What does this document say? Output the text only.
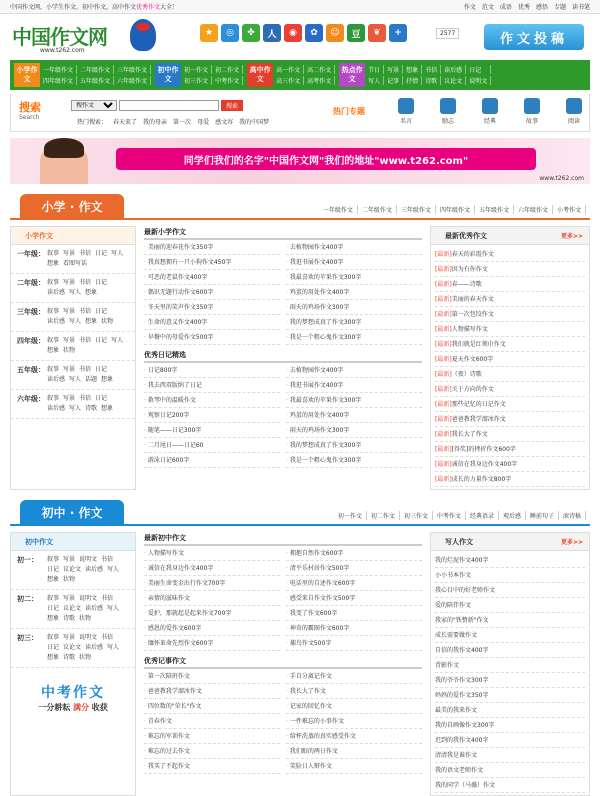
中国作文网，小学生作文，初中作文，高中作文优秀作文大全！	作文 范文 成语 优秀 感悟 专题 读书笔
中国作文网
www.t262.com
★	◎	✤	人	◉	✿	☺	豆	❦	+	2577	作文投稿
小学作文
一年级作文	二年级作文	三年级作文
四年级作文	五年级作文	六年级作文
初中作文
初一作文	初二作文
初三作文	中考作文
高中作文
高一作文	高二作文
高三作文	高考作文
热点作文
节日	写景	想象	书信	读后感	日记
写人	记事	抒情	诗歌	议论文	说明文
搜索
Search
搜作文
搜索
热门搜索： 春天来了 我的母亲 第一次 母爱 感文容 我的中国梦
热门专题
名言	励志	经典	故事	阅读
同学们我们的名字"中国作文网"我们的地址"www.t262.com"
www.t262.com
小学 · 作文	一年级作文	二年级作文	三年级作文	四年级作文	五年级作文	六年级作文	小考作文
小学作文
一年级： 叙事 写景 书信 日记 写人想象 看图写话
二年级： 叙事 写景 书信 日记读后感 写人 想象
三年级： 叙事 写景 书信 日记读后感 写人 想象 状物
四年级： 叙事 写景 书信 日记 写人想象 状物
五年级： 叙事 写景 书信 日记读后感 写人 话题 想象
六年级： 叙事 写景 书信 日记读后感 写人 诗歌 想象
最新小学作文
· 美丽的迎春花作文350字	· 去植物园作文400字
· 我真想拥有一只小狗作文450字	· 我逛书展作文400字
· 可恶的老鼠作文400字	· 我最喜欢的苹果作文300字
· 偶识无题行动作文600字	· 鸡蛋的用处作文400字
· 冬天里的笑声作文350字	· 雨天的鸡场作文300字
· 生命的意义作文400字	· 我的梦想成真了作文300字
· 早餐中的母爱作文500字	· 我是一个粗心鬼作文300字
优秀日记精选
· 日记800字	· 去植物园作文400字
· 我去西双版纳了日记	· 我逛书展作文400字
· 救琴中的温暖作文	· 我最喜欢的苹果作文300字
· 观察日记200字	· 鸡蛋的用处作文400字
· 随笔——日记300字	· 雨天的鸡场作文300字
· 二月尾日——日记60	· 我的梦想成真了作文300字
· 游泳日记600字	· 我是一个粗心鬼作文300字
最新优秀作文	更多>>
[最新]春天的彩霞作文
[最新]因为有你作文
[最新]春——诗歌
[最新]美丽的春天作文
[最新]第一次包饺作文
[最新]人物描写作文
[最新]我们就是红领巾作文
[最新]夏天作文600字
[最新]（夜）诗歌
[最新]关于方向的作文
[最新]那些记忆的日记作文
[最新]爸爸教我学溜冰作文
[最新]我长大了作文
[最新][得奖]的挫折作文600字
[最新]诚信在我身边作文400字
[最新]成长的力量作文800字
初中 · 作文	初一作文	初二作文	初三作文	中考作文	经典语录	观后感	睡前句子	滚诗稿
初中作文
初一：	叙事 写景 说明文 书信日记 议论文 读后感 写人想象 状物
初二：	叙事 写景 说明文 书信日记 议论文 读后感 写人想象 诗歌 状物
初三：	叙事 写景 说明文 书信日记 议论文 读后感 写人想象 诗歌 状物
中考作文
一分耕耘 满分 收获
最新初中作文
· 人物描写作文	· 拥抱自然作文600字
· 诚信在我身边作文400字	· 清平乐村居作文500字
· 美丽生命变金出行作文700字	· 电话里的自述作文600字
· 亲情的滋味作文	· 感受来自作文作文500字
· 爱护，那就起是起来作文700字	· 我变了作文600字
· 感恩的爱作文600字	· 神奇的霸圈作文600字
· 缅怀革命先烈作文600字	· 捕鸟作文500字
优秀记事作文
· 第一次陪班作文	· 手自分离记作文
· 爸爸教我学溜冰作文	· 我长大了作文
· 四位数的"荣长"作文	· 记家的回忆作文
· 青春作文	· 一件难忘的小事作文
· 难忘的军训作文	· 给杯洗蒸的真实感受作文
· 难忘的过去作文	· 我们眼的两日作文
· 我买了不起作文	· 笑脸日人辩作文
写人作文	更多>>
我的烂泥作文400字
小小书本作文
我心目中的好老师作文
爱的陪伴作文
我家的"铁赞新"作文
成长需要做作文
自信的我作文400字
背影作文
我的爷爷作文300字
妈妈的爱作文350字
最美的我来作文
我的自画像作文300字
迟到的我作文400字
清清我是谁作文
我的语文老师作文
我的同学（马薇）作文
